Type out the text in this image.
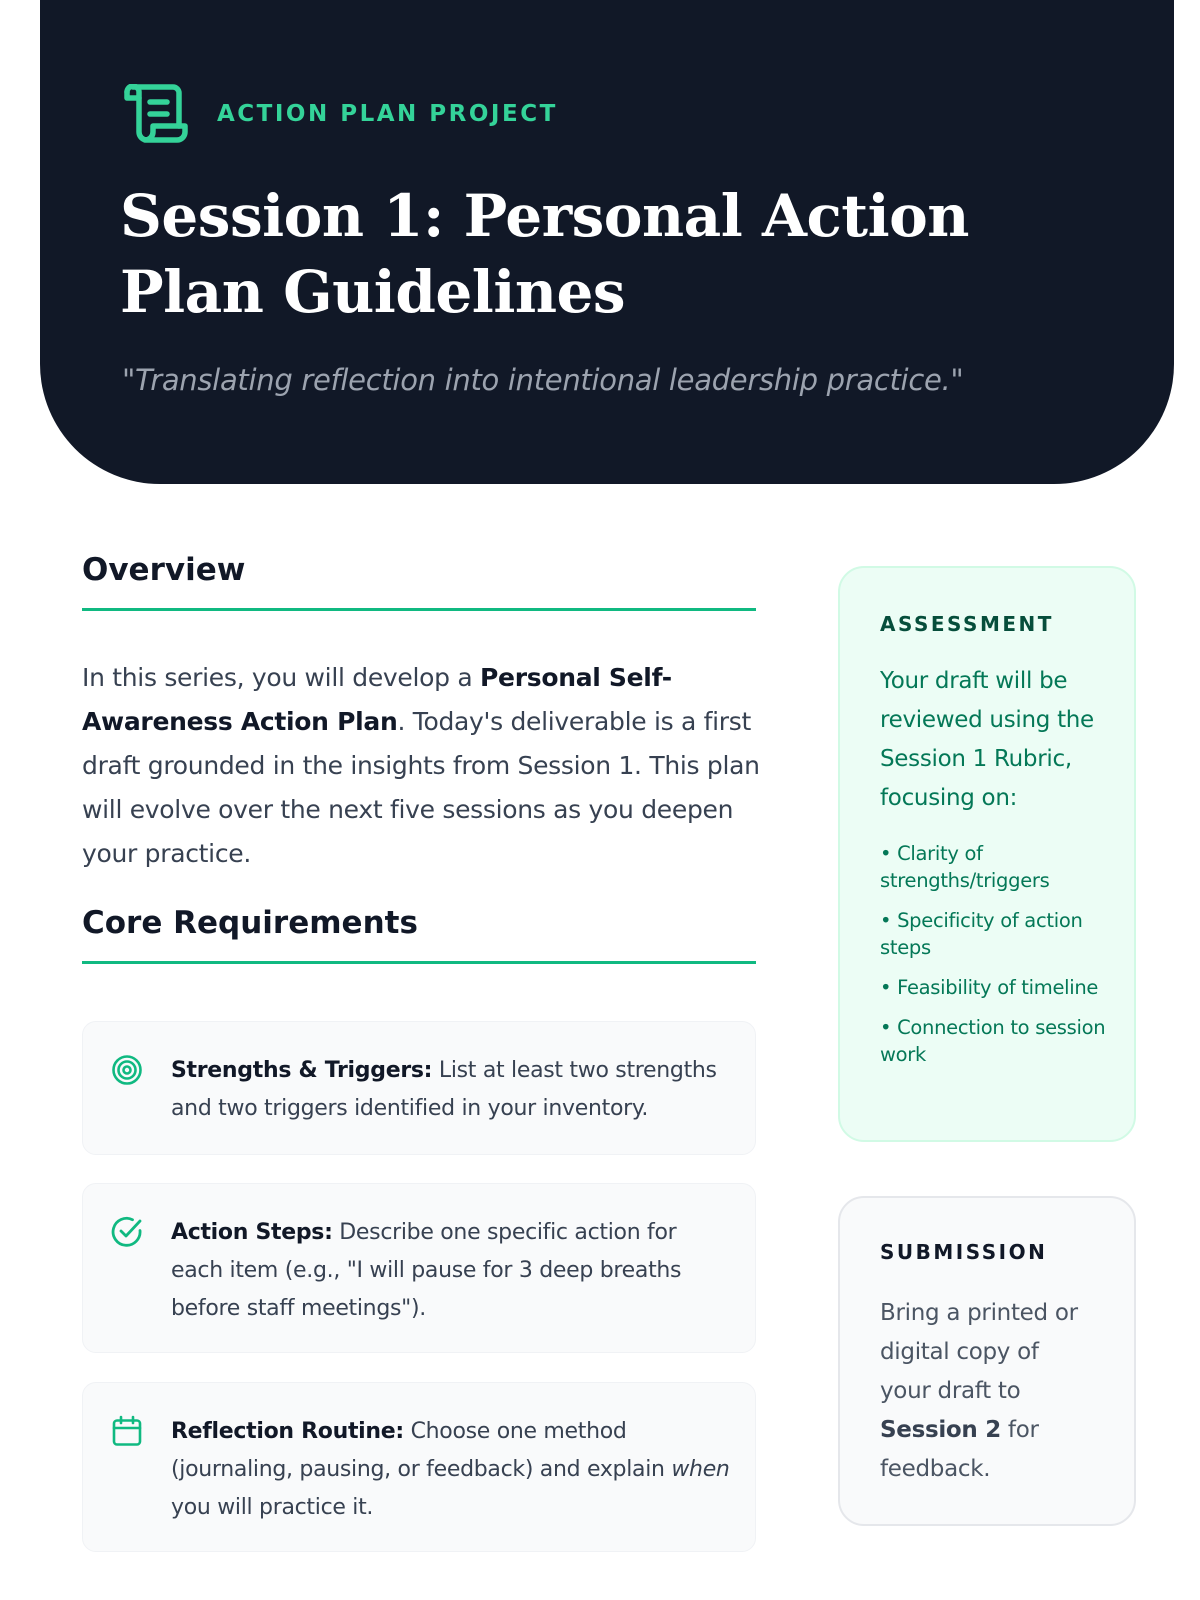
ACTION PLAN PROJECT
Session 1: Personal Action Plan Guidelines

"Translating reflection into intentional leadership practice."

Overview

In this series, you will develop a Personal Self-Awareness Action Plan. Today's deliverable is a first draft grounded in the insights from Session 1. This plan will evolve over the next five sessions as you deepen your practice.

Core Requirements

Strengths & Triggers: List at least two strengths and two triggers identified in your inventory.

Action Steps: Describe one specific action for each item (e.g., "I will pause for 3 deep breaths before staff meetings").

Reflection Routine: Choose one method (journaling, pausing, or feedback) and explain when you will practice it.

ASSESSMENT

Your draft will be reviewed using the Session 1 Rubric, focusing on:

• Clarity of strengths/triggers
• Specificity of action steps
• Feasibility of timeline
• Connection to session work
SUBMISSION

Bring a printed or digital copy of your draft to Session 2 for feedback.
